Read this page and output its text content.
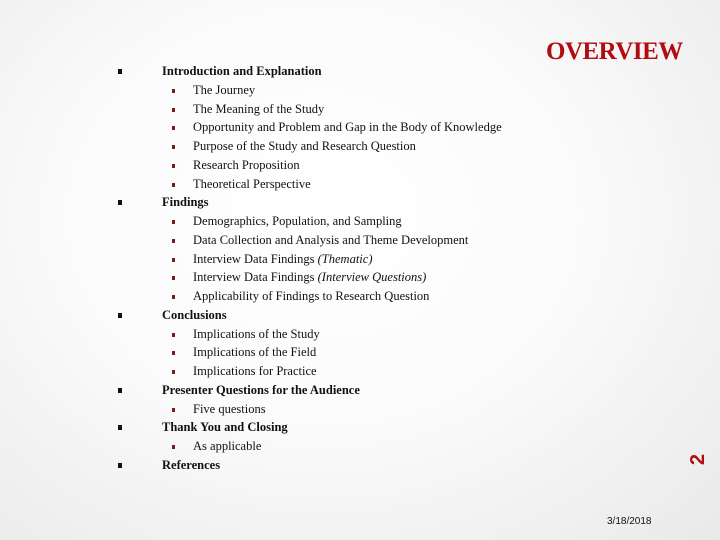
OVERVIEW
Introduction and Explanation
The Journey
The Meaning of the Study
Opportunity and Problem and Gap in the Body of Knowledge
Purpose of the Study and Research Question
Research Proposition
Theoretical Perspective
Findings
Demographics, Population, and Sampling
Data Collection and Analysis and Theme Development
Interview Data Findings (Thematic)
Interview Data Findings (Interview Questions)
Applicability of Findings to Research Question
Conclusions
Implications of the Study
Implications of the Field
Implications for Practice
Presenter Questions for the Audience
Five questions
Thank You and Closing
As applicable
References
3/18/2018
2
